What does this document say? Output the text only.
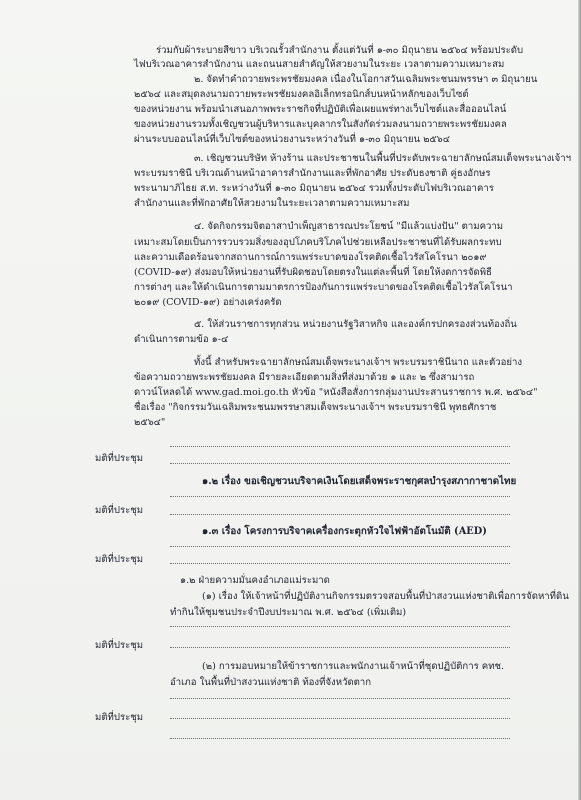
ร่วมกับผ้าระบายสีขาว บริเวณรั้วสำนักงาน ตั้งแต่วันที่ ๑-๓๐ มิถุนายน ๒๕๖๔ พร้อมประดับ
ไฟบริเวณอาคารสำนักงาน และถนนสายสำคัญให้สวยงามในระยะ เวลาตามความเหมาะสม
๒. จัดทำคำถวายพระพรชัยมงคล เนื่องในโอกาสวันเฉลิมพระชนมพรรษา ๓ มิถุนายน
๒๕๖๔ และสมุดลงนามถวายพระพรชัยมงคลอิเล็กทรอนิกส์บนหน้าหลักของเว็บไซต์
ของหน่วยงาน พร้อมนำเสนอภาพพระราชกิจที่ปฏิบัติเพื่อเผยแพร่ทางเว็บไซต์และสื่อออนไลน์
ของหน่วยงานรวมทั้งเชิญชวนผู้บริหารและบุคลากรในสังกัดร่วมลงนามถวายพระพรชัยมงคล
ผ่านระบบออนไลน์ที่เว็บไซต์ของหน่วยงานระหว่างวันที่ ๑-๓๐ มิถุนายน ๒๕๖๔
๓. เชิญชวนบริษัท ห้างร้าน และประชาชนในพื้นที่ประดับพระฉายาลักษณ์สมเด็จพระนางเจ้าฯ
พระบรมราชินี บริเวณด้านหน้าอาคารสำนักงานและที่พักอาศัย ประดับธงชาติ คู่ธงอักษร
พระนามาภิไธย ส.ท. ระหว่างวันที่ ๑-๓๐ มิถุนายน ๒๕๖๔ รวมทั้งประดับไฟบริเวณอาคาร
สำนักงานและที่พักอาศัยให้สวยงามในระยะเวลาตามความเหมาะสม
๔. จัดกิจกรรมจิตอาสาบำเพ็ญสาธารณประโยชน์ "มีแล้วแบ่งปัน" ตามความ
เหมาะสมโดยเป็นการรวบรวมสิ่งของอุปโภคบริโภคไปช่วยเหลือประชาชนที่ได้รับผลกระทบ
และความเดือดร้อนจากสถานการณ์การแพร่ระบาดของโรคติดเชื้อไวรัสโคโรนา ๒๐๑๙
(COVID-๑๙) ส่งมอบให้หน่วยงานที่รับผิดชอบโดยตรงในแต่ละพื้นที่ โดยให้งดการจัดพิธี
การต่างๆ และให้ดำเนินการตามมาตรการป้องกันการแพร่ระบาดของโรคติดเชื้อไวรัสโคโรนา
๒๐๑๙ (COVID-๑๙) อย่างเคร่งครัด
๕. ให้ส่วนราชการทุกส่วน หน่วยงานรัฐวิสาหกิจ และองค์กรปกครองส่วนท้องถิ่น
ดำเนินการตามข้อ ๑-๔
ทั้งนี้ สำหรับพระฉายาลักษณ์สมเด็จพระนางเจ้าฯ พระบรมราชินีนาถ และตัวอย่าง
ข้อความถวายพระพรชัยมงคล มีรายละเอียดตามสิ่งที่ส่งมาด้วย ๑ และ ๒ ซึ่งสามารถ
ดาวน์โหลดได้ www.gad.moi.go.th หัวข้อ "หนังสือสั่งการกลุ่มงานประสานราชการ พ.ศ. ๒๕๖๔"
ชื่อเรื่อง "กิจกรรมวันเฉลิมพระชนมพรรษาสมเด็จพระนางเจ้าฯ พระบรมราชินี พุทธศักราช
๒๕๖๔"
มติที่ประชุม
๑.๒ เรื่อง ขอเชิญชวนบริจาคเงินโดยเสด็จพระราชกุศลบำรุงสภากาชาดไทย
มติที่ประชุม
๑.๓ เรื่อง โครงการบริจาคเครื่องกระตุกหัวใจไฟฟ้าอัตโนมัติ (AED)
มติที่ประชุม
๑.๒ ฝ่ายความมั่นคงอำเภอแม่ระมาด
(๑) เรื่อง ให้เจ้าหน้าที่ปฏิบัติงานกิจกรรมตรวจสอบพื้นที่ป่าสงวนแห่งชาติเพื่อการจัดหาที่ดิน
ทำกินให้ชุมชนประจำปีงบประมาณ พ.ศ. ๒๕๖๔ (เพิ่มเติม)
มติที่ประชุม
(๒) การมอบหมายให้ข้าราชการและพนักงานเจ้าหน้าที่ชุดปฏิบัติการ คทช.
อำเภอ ในพื้นที่ป่าสงวนแห่งชาติ ท้องที่จังหวัดตาก
มติที่ประชุม
